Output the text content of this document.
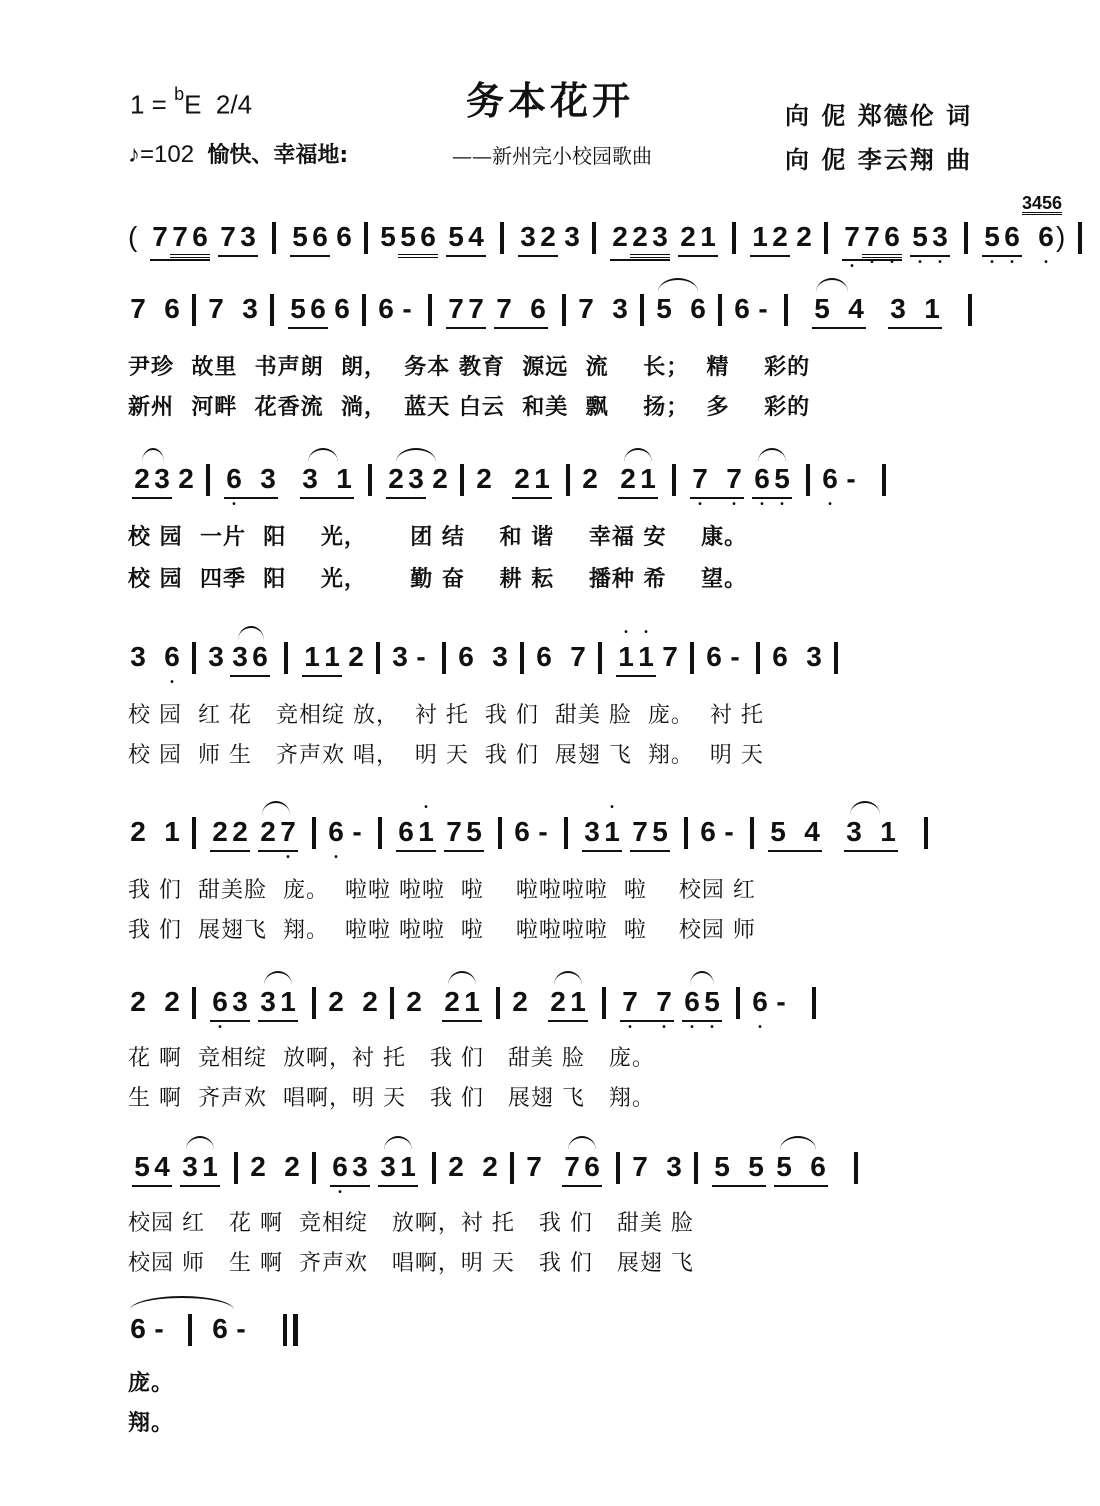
1 = $^b$E 2/4	务本花开	向 伲 郑德伦 词
♪=102 愉快、幸福地:	——新州完小校园歌曲	向 伲 李云翔 曲
( 7 7 6 7 3 5 6 6 5 5 6 5 4 3 2 3 2 2 3 2 1 1 2 2 7 • 7 • 6 • 5 • 3 • 5 • 6 •
3456
6 • )
7 6 7 3 5 6 6 6 - 7 7 7 6 7 3 5 6 6 - 5 4 3 1
尹珍  故里  书声朗  朗，  务本 教育  源远  流    长；  精    彩的
新州  河畔  花香流  淌，  蓝天 白云  和美  飘    扬；  多    彩的
2 3 2 6 • 3 3 1 2 3 2 2 2 1 2 2 1 7 • 7 • 6 • 5 • 6 • -
校 园  一片  阳    光，     团 结    和 谐    幸福 安    康。
校 园  四季  阳    光，     勤 奋    耕 耘    播种 希    望。
3 6 • 3 3 6 1 1 2 3 - 6 3 6 7 • 1 • 1 7 6 - 6 3
校 园  红 花   竞相绽 放，  衬 托  我 们  甜美 脸  庞。  衬 托
校 园  师 生   齐声欢 唱，  明 天  我 们  展翅 飞  翔。  明 天
2 1 2 2 2 7 • 6 • - 6 • 1 7 5 6 - 3 • 1 7 5 6 - 5 4 3 1
我 们  甜美脸  庞。  啦啦 啦啦  啦    啦啦啦啦  啦    校园 红
我 们  展翅飞  翔。  啦啦 啦啦  啦    啦啦啦啦  啦    校园 师
2 2 6 • 3 3 1 2 2 2 2 1 2 2 1 7 • 7 • 6 • 5 • 6 • -
花 啊  竞相绽  放啊，衬 托   我 们   甜美 脸   庞。
生 啊  齐声欢  唱啊，明 天   我 们   展翅 飞   翔。
5 4 3 1 2 2 6 • 3 3 1 2 2 7 7 6 7 3 5 5 5 6
校园 红   花 啊  竞相绽   放啊，衬 托   我 们   甜美 脸
校园 师   生 啊  齐声欢   唱啊，明 天   我 们   展翅 飞
6 - 6 -
庞。
翔。
